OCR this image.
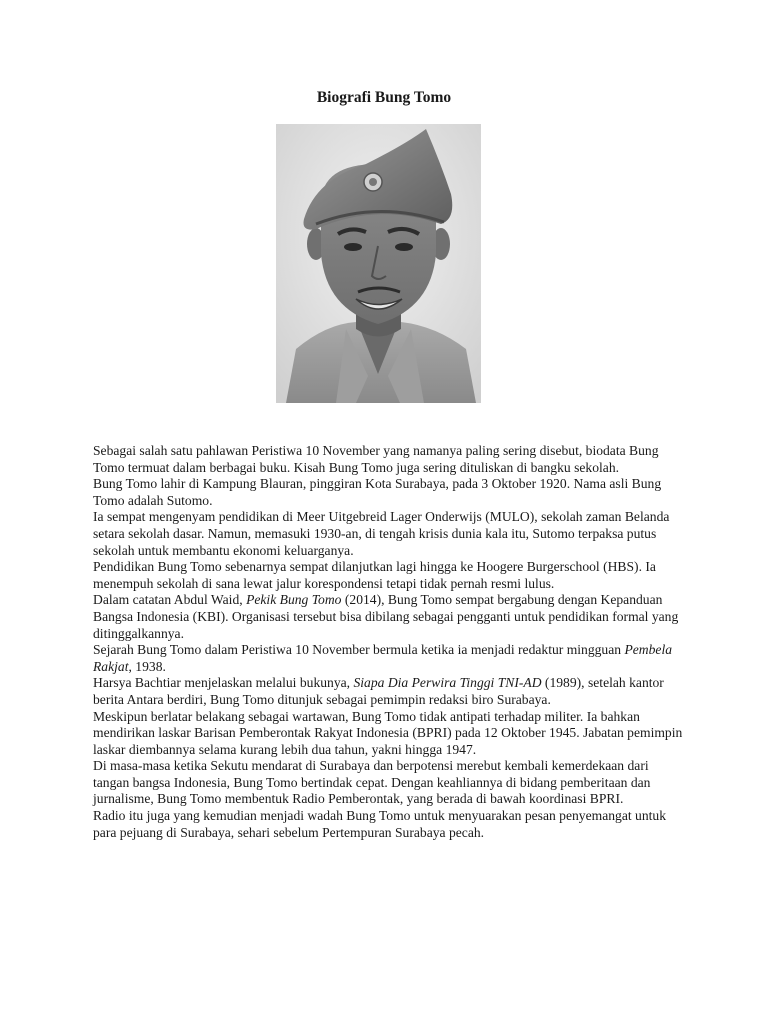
Biografi Bung Tomo

Sebagai salah satu pahlawan Peristiwa 10 November yang namanya paling sering disebut, biodata Bung Tomo termuat dalam berbagai buku. Kisah Bung Tomo juga sering dituliskan di bangku sekolah.

Bung Tomo lahir di Kampung Blauran, pinggiran Kota Surabaya, pada 3 Oktober 1920. Nama asli Bung Tomo adalah Sutomo.

Ia sempat mengenyam pendidikan di Meer Uitgebreid Lager Onderwijs (MULO), sekolah zaman Belanda setara sekolah dasar. Namun, memasuki 1930-an, di tengah krisis dunia kala itu, Sutomo terpaksa putus sekolah untuk membantu ekonomi keluarganya.

Pendidikan Bung Tomo sebenarnya sempat dilanjutkan lagi hingga ke Hoogere Burgerschool (HBS). Ia menempuh sekolah di sana lewat jalur korespondensi tetapi tidak pernah resmi lulus.

Dalam catatan Abdul Waid, Pekik Bung Tomo (2014), Bung Tomo sempat bergabung dengan Kepanduan Bangsa Indonesia (KBI). Organisasi tersebut bisa dibilang sebagai pengganti untuk pendidikan formal yang ditinggalkannya.

Sejarah Bung Tomo dalam Peristiwa 10 November bermula ketika ia menjadi redaktur mingguan Pembela Rakjat, 1938.

Harsya Bachtiar menjelaskan melalui bukunya, Siapa Dia Perwira Tinggi TNI-AD (1989), setelah kantor berita Antara berdiri, Bung Tomo ditunjuk sebagai pemimpin redaksi biro Surabaya.

Meskipun berlatar belakang sebagai wartawan, Bung Tomo tidak antipati terhadap militer. Ia bahkan mendirikan laskar Barisan Pemberontak Rakyat Indonesia (BPRI) pada 12 Oktober 1945. Jabatan pemimpin laskar diembannya selama kurang lebih dua tahun, yakni hingga 1947.

Di masa-masa ketika Sekutu mendarat di Surabaya dan berpotensi merebut kembali kemerdekaan dari tangan bangsa Indonesia, Bung Tomo bertindak cepat. Dengan keahliannya di bidang pemberitaan dan jurnalisme, Bung Tomo membentuk Radio Pemberontak, yang berada di bawah koordinasi BPRI.

Radio itu juga yang kemudian menjadi wadah Bung Tomo untuk menyuarakan pesan penyemangat untuk para pejuang di Surabaya, sehari sebelum Pertempuran Surabaya pecah.
